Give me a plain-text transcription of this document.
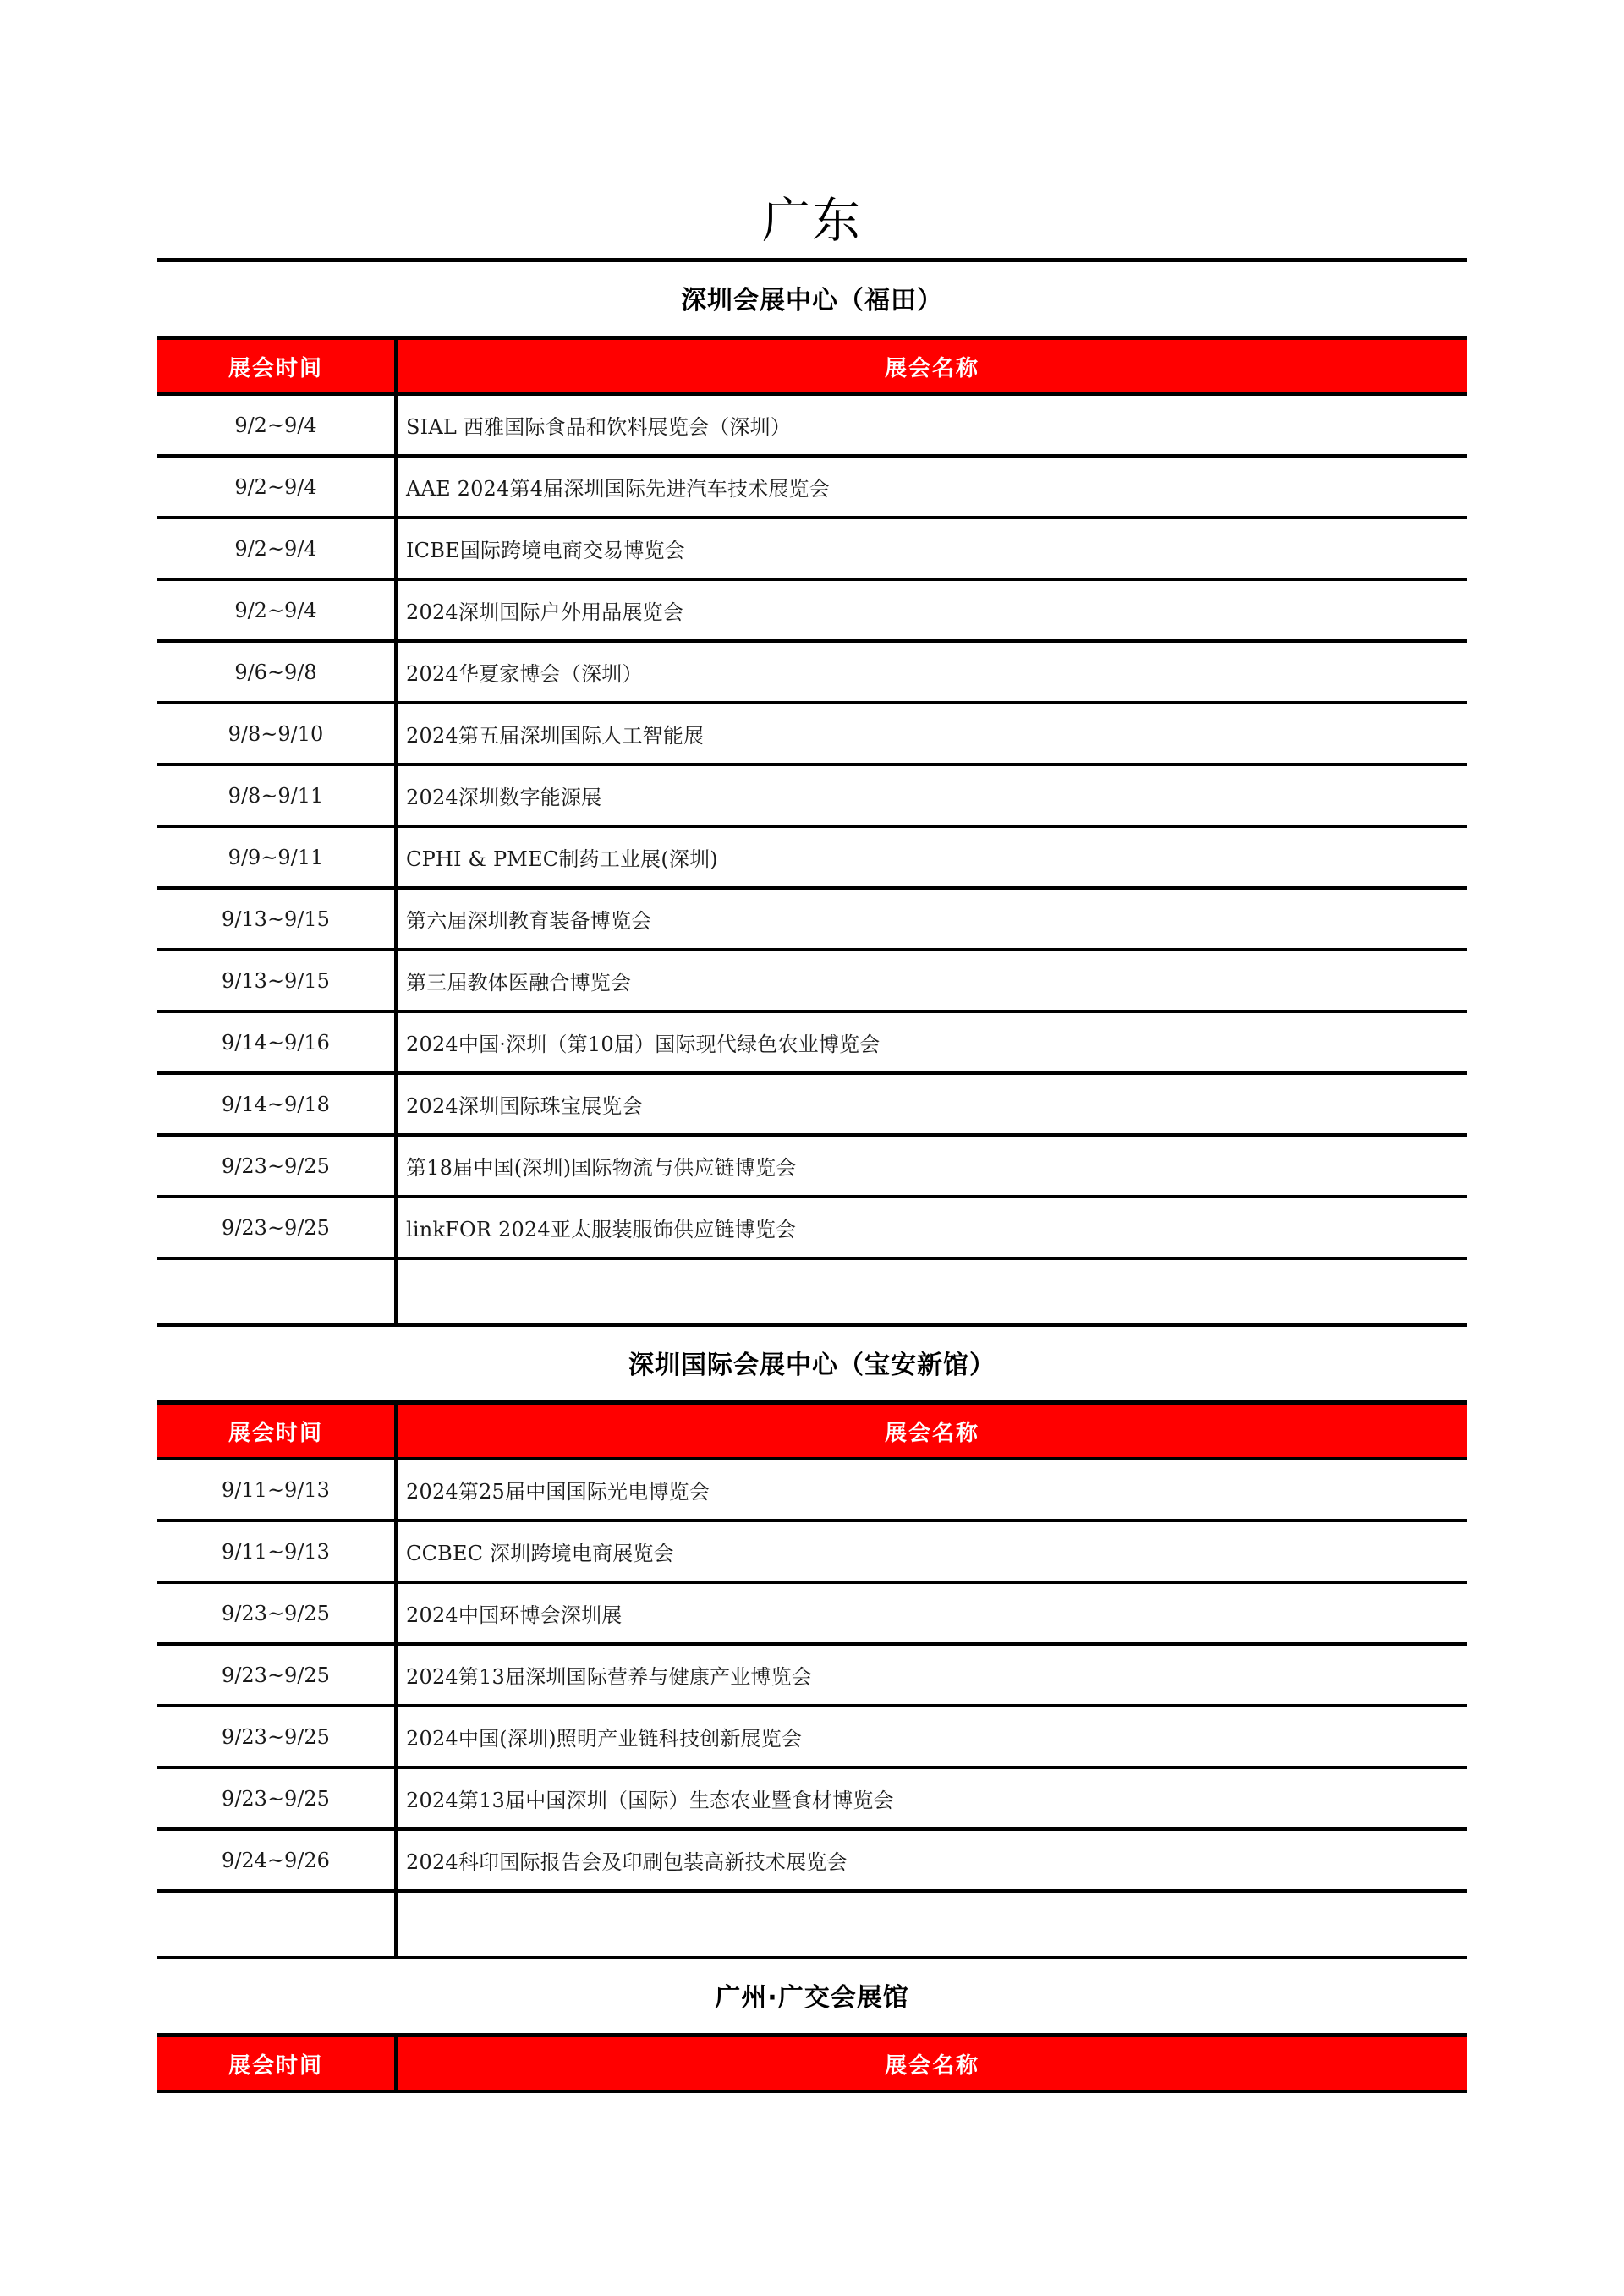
广东
深圳会展中心（福田）
展会时间	展会名称
9/2~9/4	SIAL 西雅国际食品和饮料展览会（深圳）
9/2~9/4	AAE 2024第4届深圳国际先进汽车技术展览会
9/2~9/4	ICBE国际跨境电商交易博览会
9/2~9/4	2024深圳国际户外用品展览会
9/6~9/8	2024华夏家博会（深圳）
9/8~9/10	2024第五届深圳国际人工智能展
9/8~9/11	2024深圳数字能源展
9/9~9/11	CPHI & PMEC制药工业展(深圳)
9/13~9/15	第六届深圳教育装备博览会
9/13~9/15	第三届教体医融合博览会
9/14~9/16	2024中国·深圳（第10届）国际现代绿色农业博览会
9/14~9/18	2024深圳国际珠宝展览会
9/23~9/25	第18届中国(深圳)国际物流与供应链博览会
9/23~9/25	linkFOR 2024亚太服装服饰供应链博览会

深圳国际会展中心（宝安新馆）
展会时间	展会名称
9/11~9/13	2024第25届中国国际光电博览会
9/11~9/13	CCBEC 深圳跨境电商展览会
9/23~9/25	2024中国环博会深圳展
9/23~9/25	2024第13届深圳国际营养与健康产业博览会
9/23~9/25	2024中国(深圳)照明产业链科技创新展览会
9/23~9/25	2024第13届中国深圳（国际）生态农业暨食材博览会
9/24~9/26	2024科印国际报告会及印刷包装高新技术展览会

广州·广交会展馆
展会时间	展会名称
